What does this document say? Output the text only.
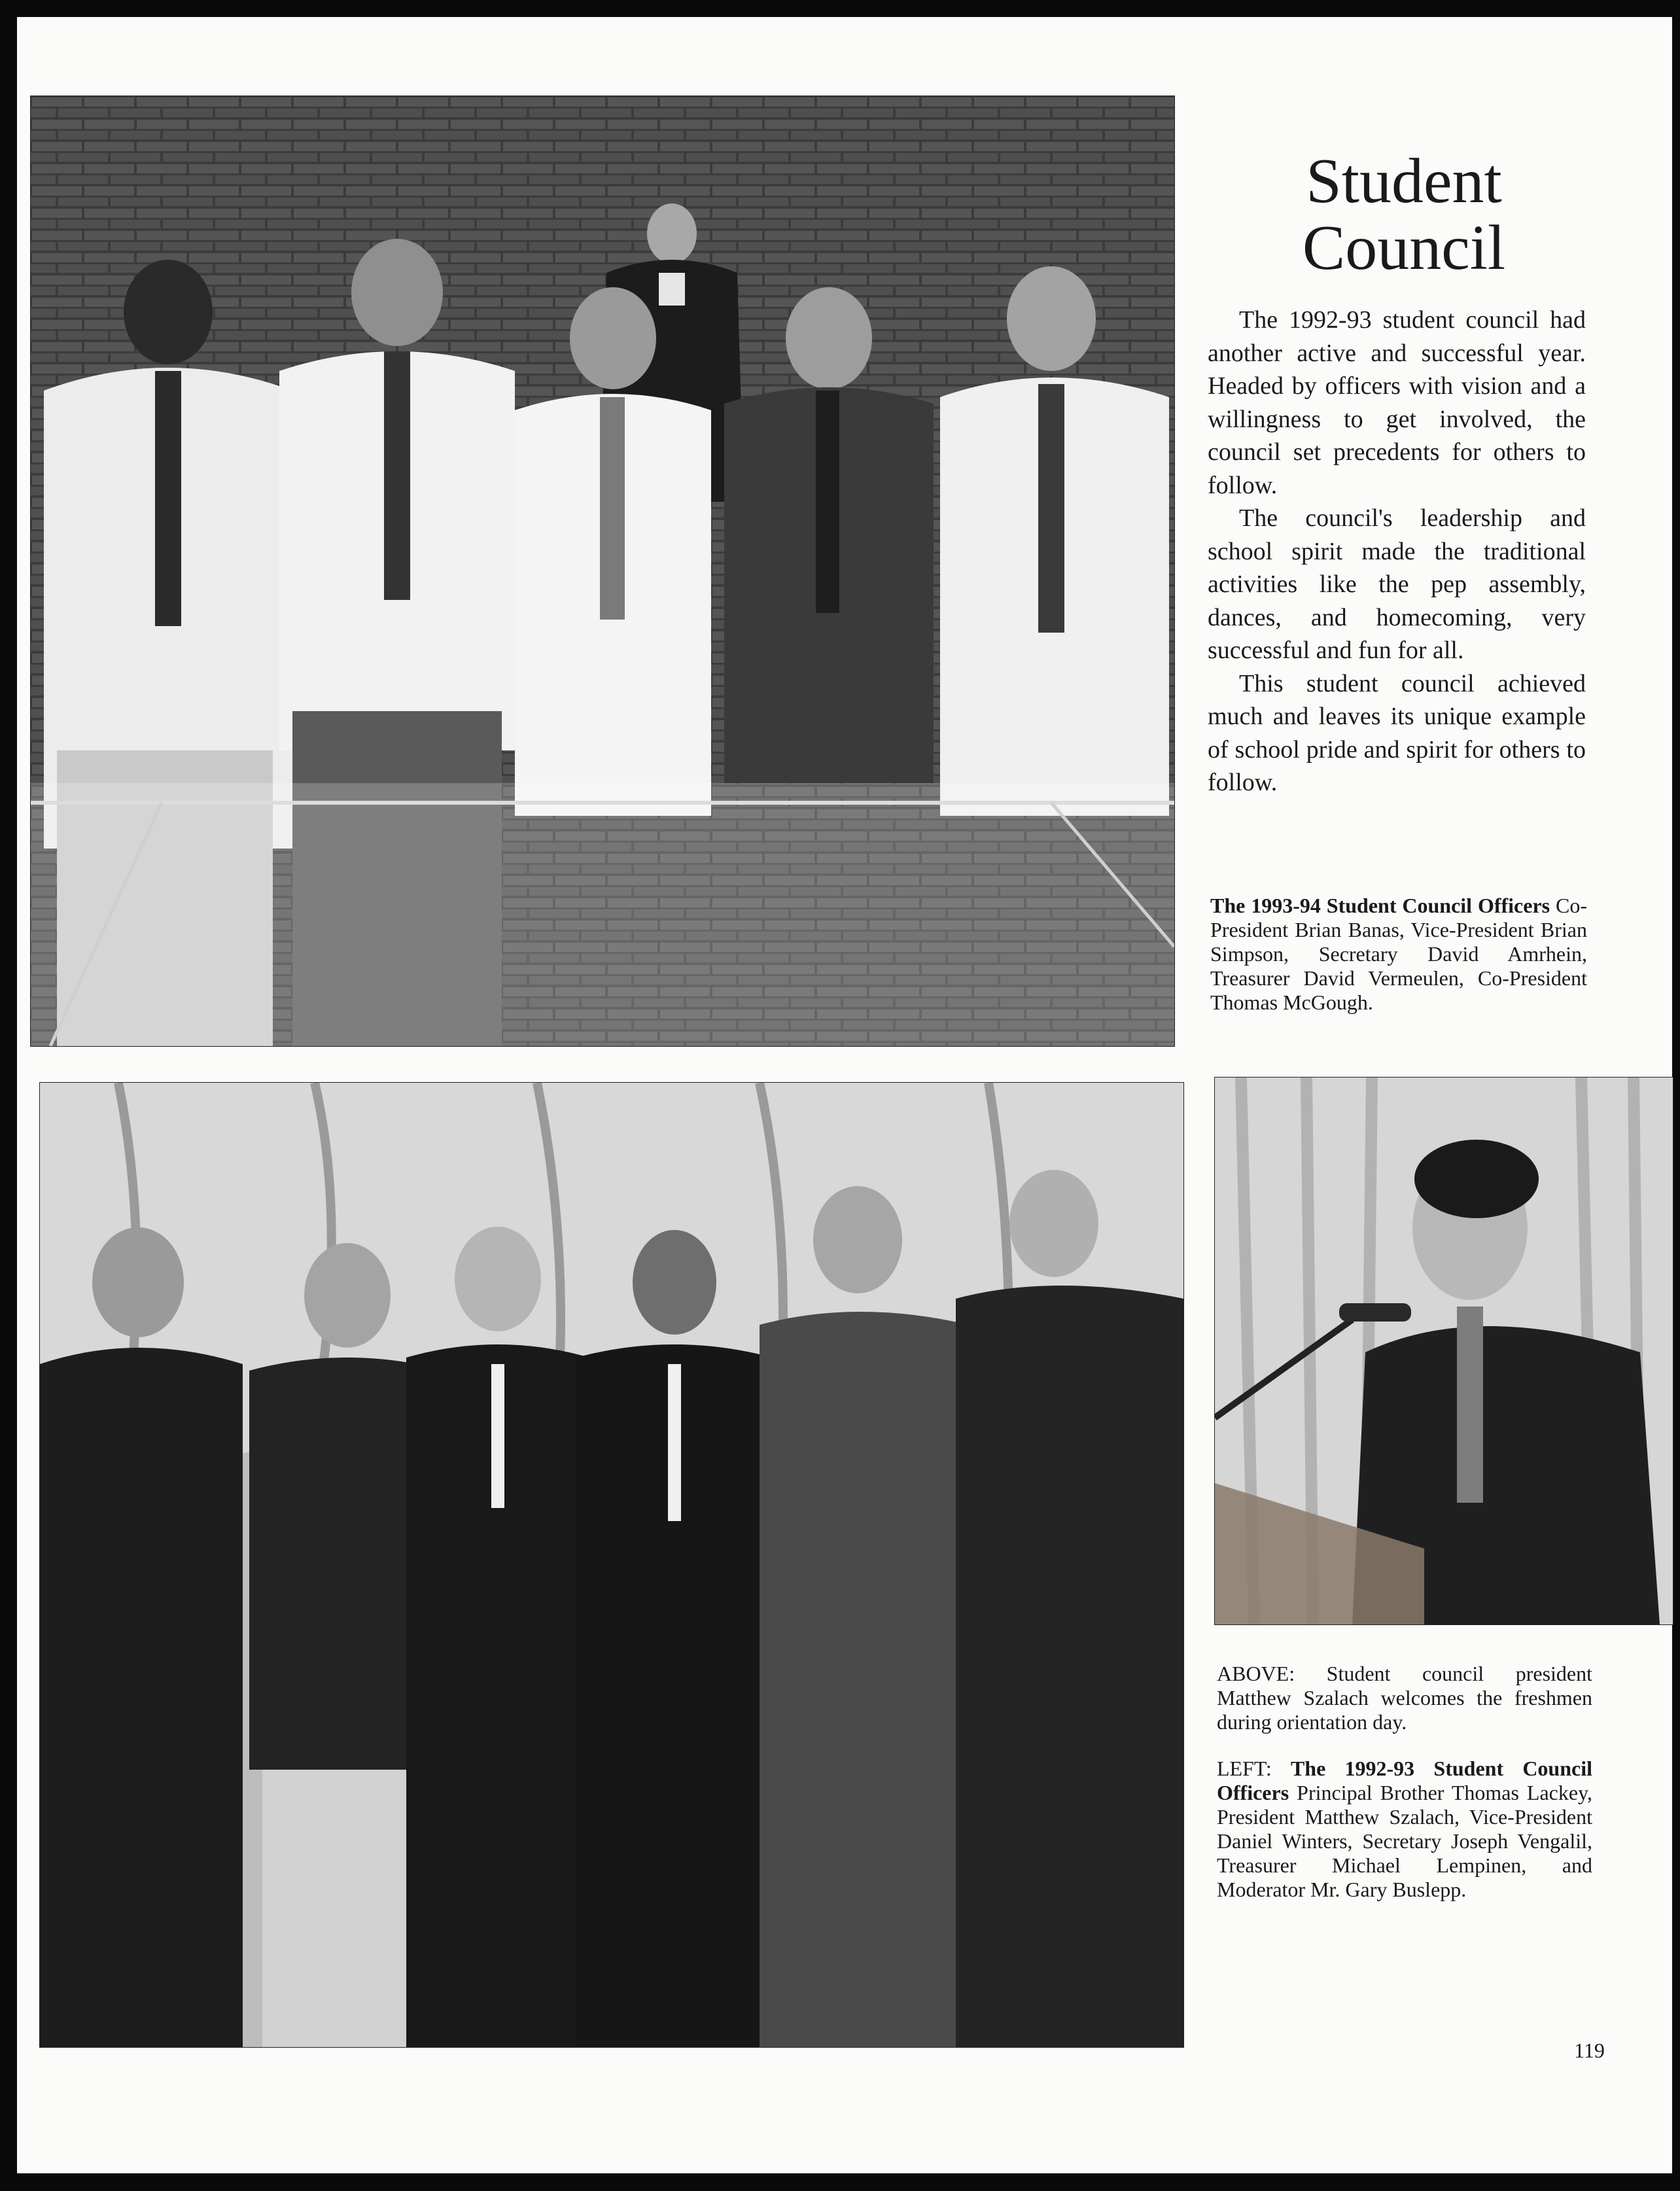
Student
Council

The 1992-93 student council had another active and successful year. Headed by officers with vision and a willingness to get involved, the council set precedents for others to follow.

The council's leadership and school spirit made the traditional activities like the pep assembly, dances, and homecoming, very successful and fun for all.

This student council achieved much and leaves its unique example of school pride and spirit for others to follow.

The 1993-94 Student Council Officers Co-President Brian Banas, Vice-President Brian Simpson, Secretary David Amrhein, Treasurer David Vermeulen, Co-President Thomas McGough.

ABOVE: Student council president Matthew Szalach welcomes the freshmen during orientation day.

LEFT: The 1992-93 Student Council Officers Principal Brother Thomas Lackey, President Matthew Szalach, Vice-President Daniel Winters, Secretary Joseph Vengalil, Treasurer Michael Lempinen, and Moderator Mr. Gary Buslepp.

119
